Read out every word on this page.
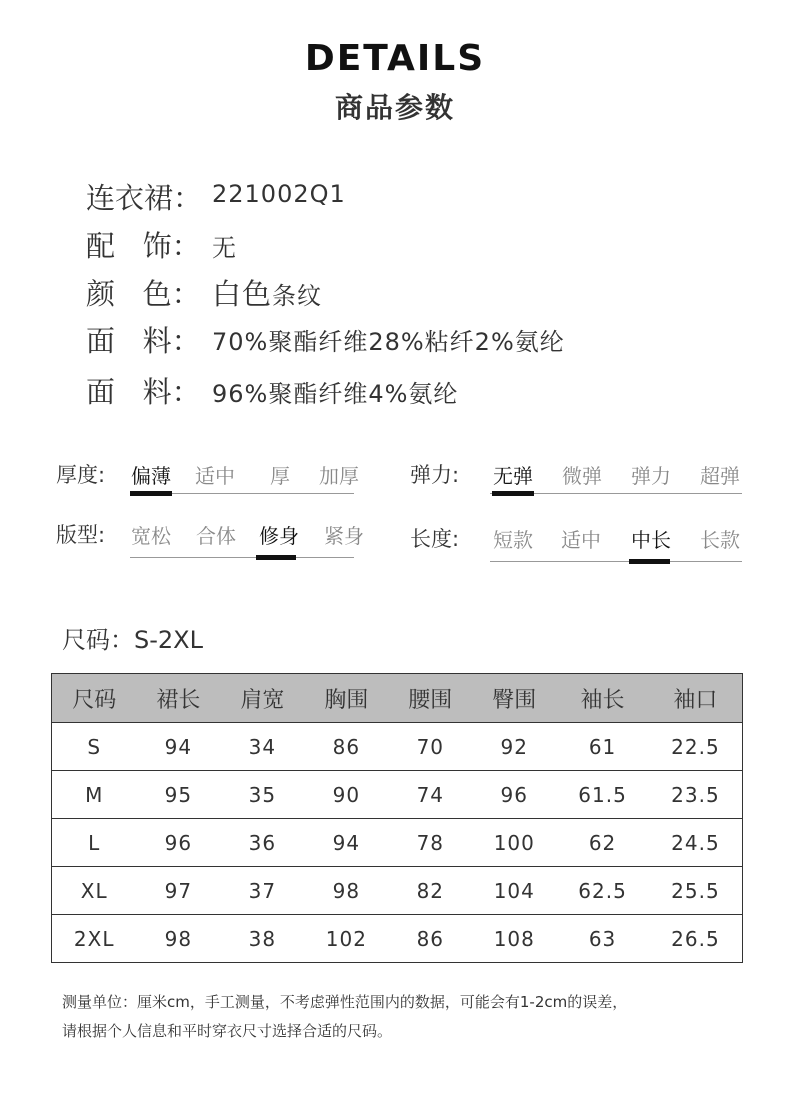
DETAILS
商品参数
连衣裙： 221002Q1
配   饰： 无
颜   色： 白色条纹
面   料： 70%聚酯纤维28%粘纤2%氨纶
面   料： 96%聚酯纤维4%氨纶
厚度:	偏薄	适中	厚	加厚	弹力:	无弹	微弹	弹力	超弹
版型:	宽松	合体	修身	紧身	长度:	短款	适中	中长	长款
尺码：S-2XL
尺码	裙长	肩宽	胸围	腰围	臀围	袖长	袖口
S	94	34	86	70	92	61	22.5
M	95	35	90	74	96	61.5	23.5
L	96	36	94	78	100	62	24.5
XL	97	37	98	82	104	62.5	25.5
2XL	98	38	102	86	108	63	26.5
测量单位：厘米cm，手工测量，不考虑弹性范围内的数据，可能会有1-2cm的误差，
请根据个人信息和平时穿衣尺寸选择合适的尺码。
